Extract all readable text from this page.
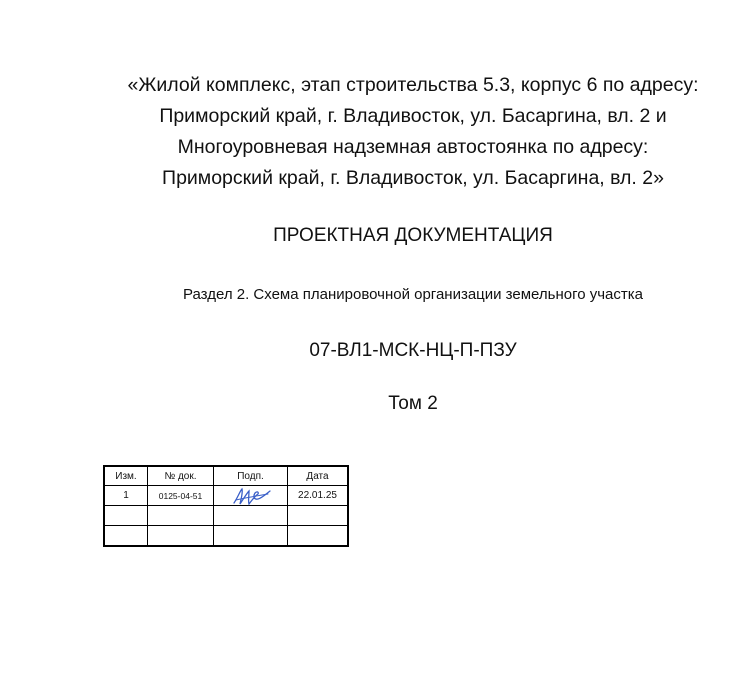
«Жилой комплекс, этап строительства 5.3, корпус 6 по адресу:
Приморский край, г. Владивосток, ул. Басаргина, вл. 2 и
Многоуровневая надземная автостоянка по адресу:
Приморский край, г. Владивосток, ул. Басаргина, вл. 2»
ПРОЕКТНАЯ ДОКУМЕНТАЦИЯ
Раздел 2. Схема планировочной организации земельного участка
07-ВЛ1-МСК-НЦ-П-ПЗУ
Том 2
Изм.	№ док.	Подп.	Дата
1	0125-04-51		22.01.25
